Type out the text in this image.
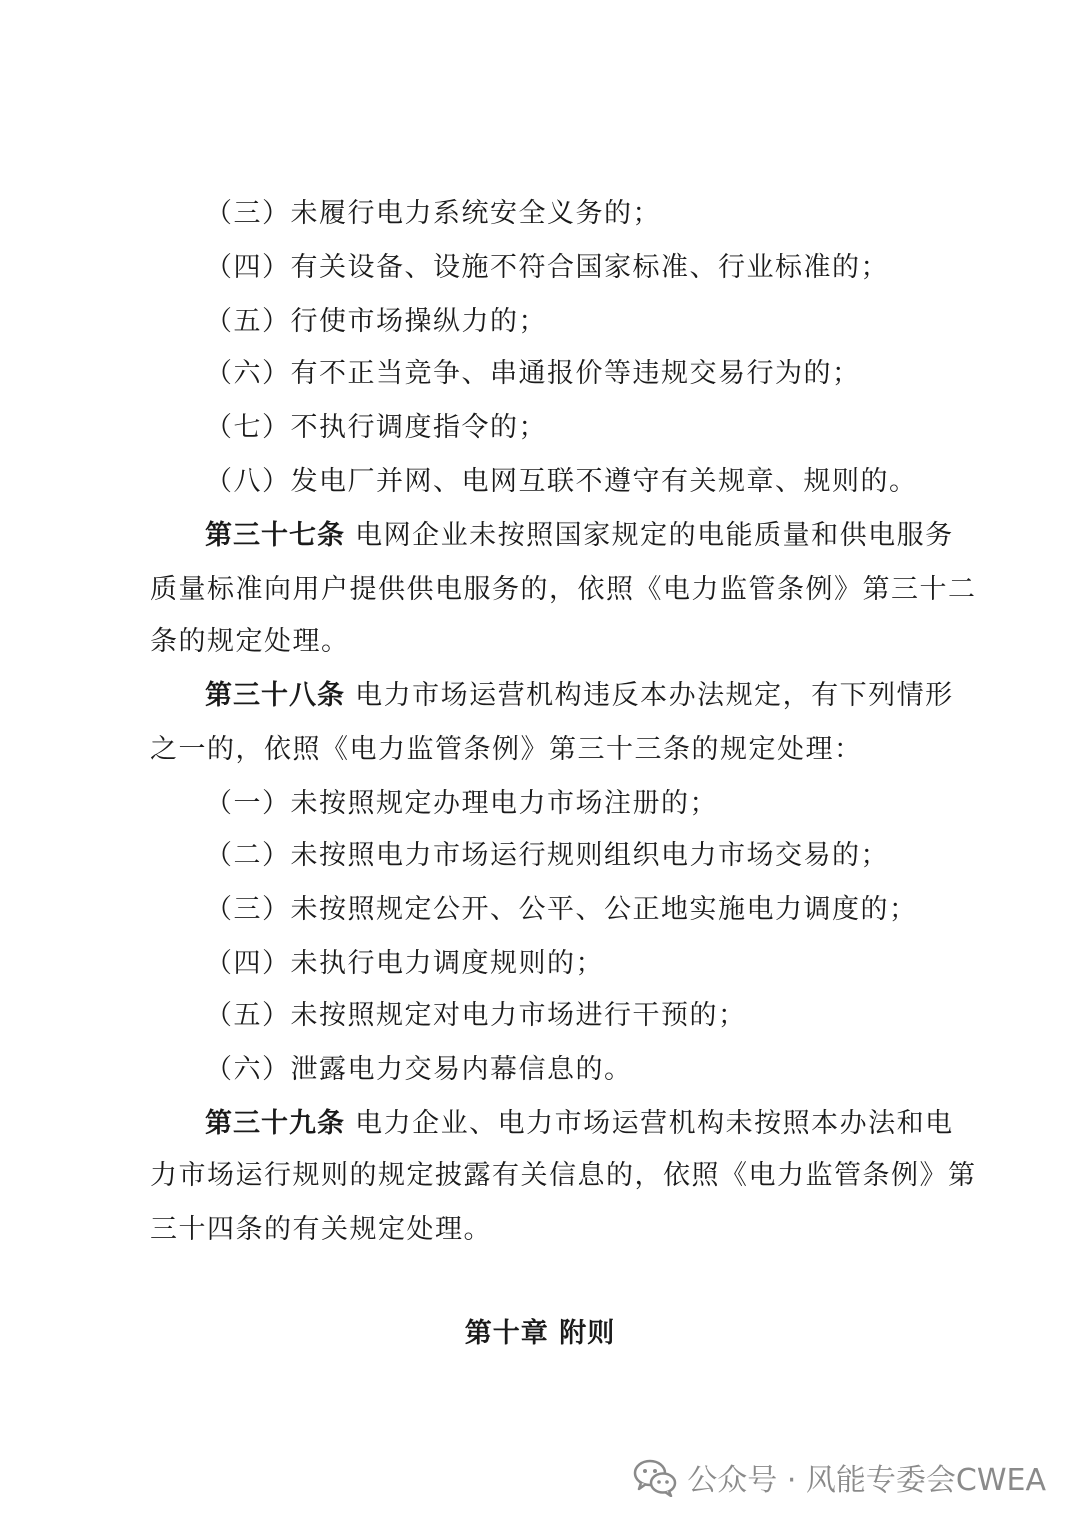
（三）未履行电力系统安全义务的；
（四）有关设备、设施不符合国家标准、行业标准的；
（五）行使市场操纵力的；
（六）有不正当竞争、串通报价等违规交易行为的；
（七）不执行调度指令的；
（八）发电厂并网、电网互联不遵守有关规章、规则的。
第三十七条 电网企业未按照国家规定的电能质量和供电服务
质量标准向用户提供供电服务的，依照《电力监管条例》第三十二
条的规定处理。
第三十八条 电力市场运营机构违反本办法规定，有下列情形
之一的，依照《电力监管条例》第三十三条的规定处理：
（一）未按照规定办理电力市场注册的；
（二）未按照电力市场运行规则组织电力市场交易的；
（三）未按照规定公开、公平、公正地实施电力调度的；
（四）未执行电力调度规则的；
（五）未按照规定对电力市场进行干预的；
（六）泄露电力交易内幕信息的。
第三十九条 电力企业、电力市场运营机构未按照本办法和电
力市场运行规则的规定披露有关信息的，依照《电力监管条例》第
三十四条的有关规定处理。
第十章 附则
公众号 · 风能专委会CWEA
